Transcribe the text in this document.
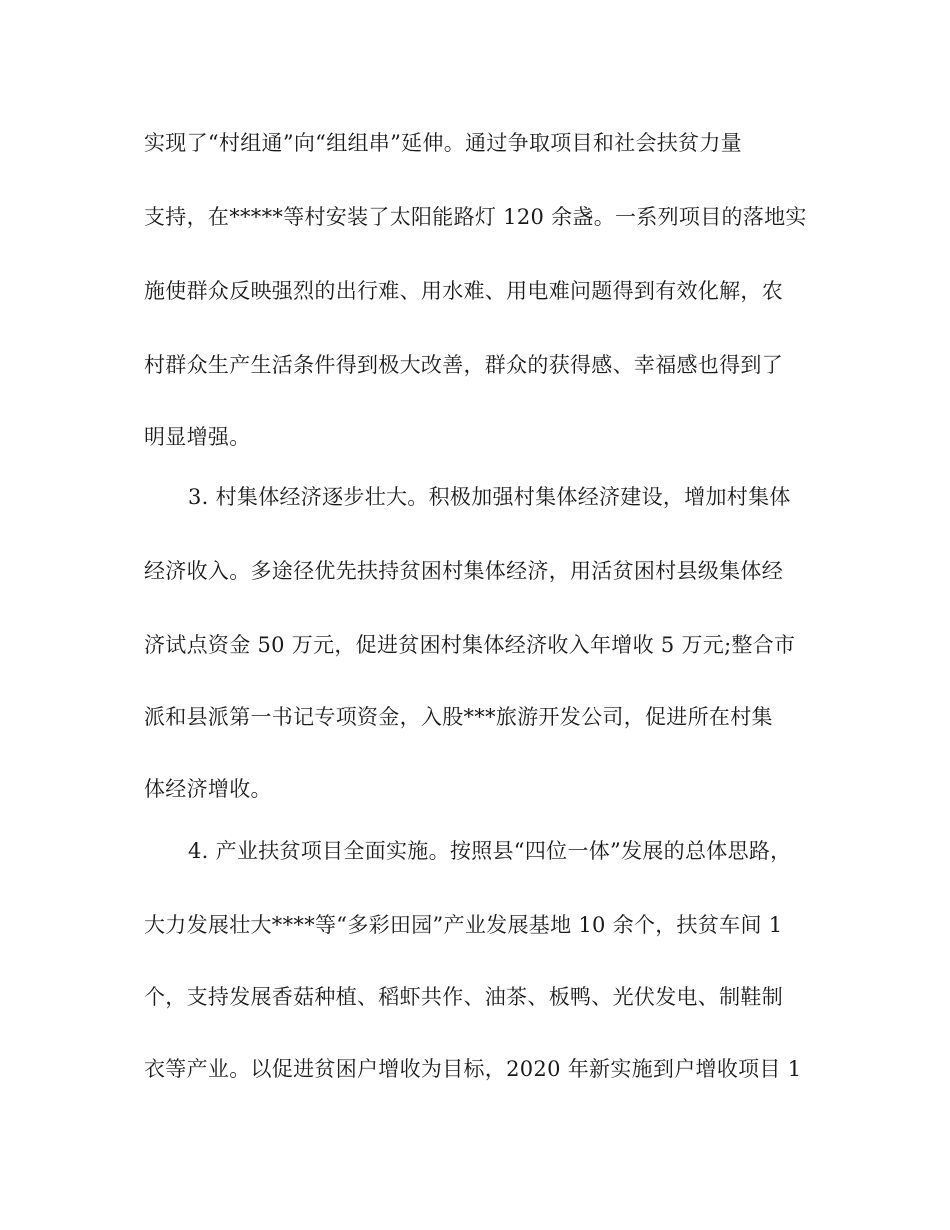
实现了“村组通”向“组组串”延伸。通过争取项目和社会扶贫力量
支持，在*****等村安装了太阳能路灯 120 余盏。一系列项目的落地实
施使群众反映强烈的出行难、用水难、用电难问题得到有效化解，农
村群众生产生活条件得到极大改善，群众的获得感、幸福感也得到了
明显增强。
3. 村集体经济逐步壮大。积极加强村集体经济建设，增加村集体
经济收入。多途径优先扶持贫困村集体经济，用活贫困村县级集体经
济试点资金 50 万元，促进贫困村集体经济收入年增收 5 万元;整合市
派和县派第一书记专项资金，入股***旅游开发公司，促进所在村集
体经济增收。
4. 产业扶贫项目全面实施。按照县“四位一体”发展的总体思路，
大力发展壮大****等“多彩田园”产业发展基地 10 余个，扶贫车间 1
个，支持发展香菇种植、稻虾共作、油茶、板鸭、光伏发电、制鞋制
衣等产业。以促进贫困户增收为目标，2020 年新实施到户增收项目 1
